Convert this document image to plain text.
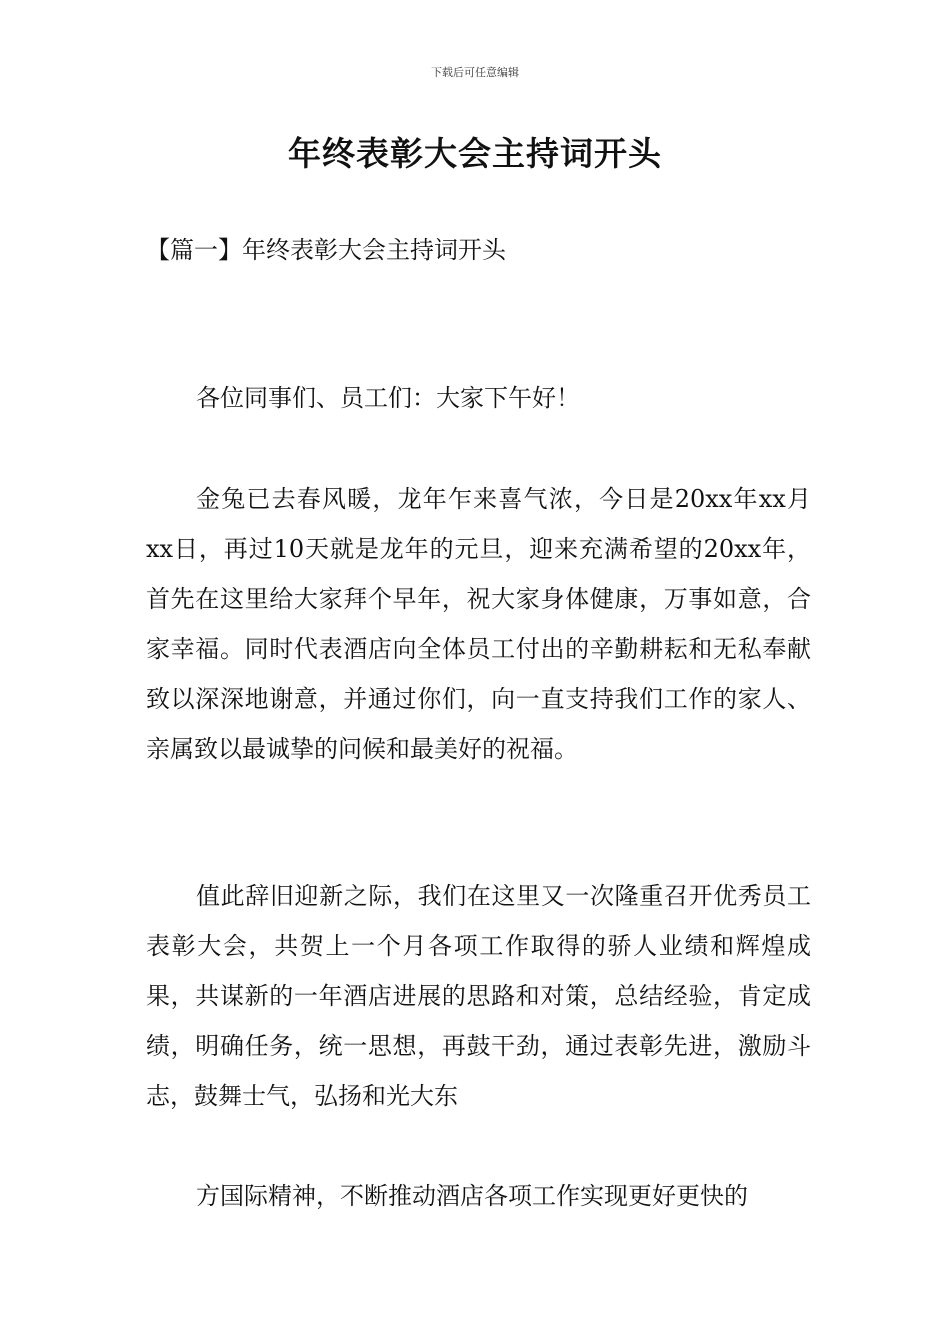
下载后可任意编辑
年终表彰大会主持词开头
【篇一】年终表彰大会主持词开头

各位同事们、员工们：大家下午好！

金兔已去春风暖，龙年乍来喜气浓，今日是20xx年xx月xx日，再过10天就是龙年的元旦，迎来充满希望的20xx年，首先在这里给大家拜个早年，祝大家身体健康，万事如意，合家幸福。同时代表酒店向全体员工付出的辛勤耕耘和无私奉献致以深深地谢意，并通过你们，向一直支持我们工作的家人、亲属致以最诚挚的问候和最美好的祝福。

值此辞旧迎新之际，我们在这里又一次隆重召开优秀员工表彰大会，共贺上一个月各项工作取得的骄人业绩和辉煌成果，共谋新的一年酒店进展的思路和对策，总结经验，肯定成绩，明确任务，统一思想，再鼓干劲，通过表彰先进，激励斗志，鼓舞士气，弘扬和光大东

方国际精神，不断推动酒店各项工作实现更好更快的
